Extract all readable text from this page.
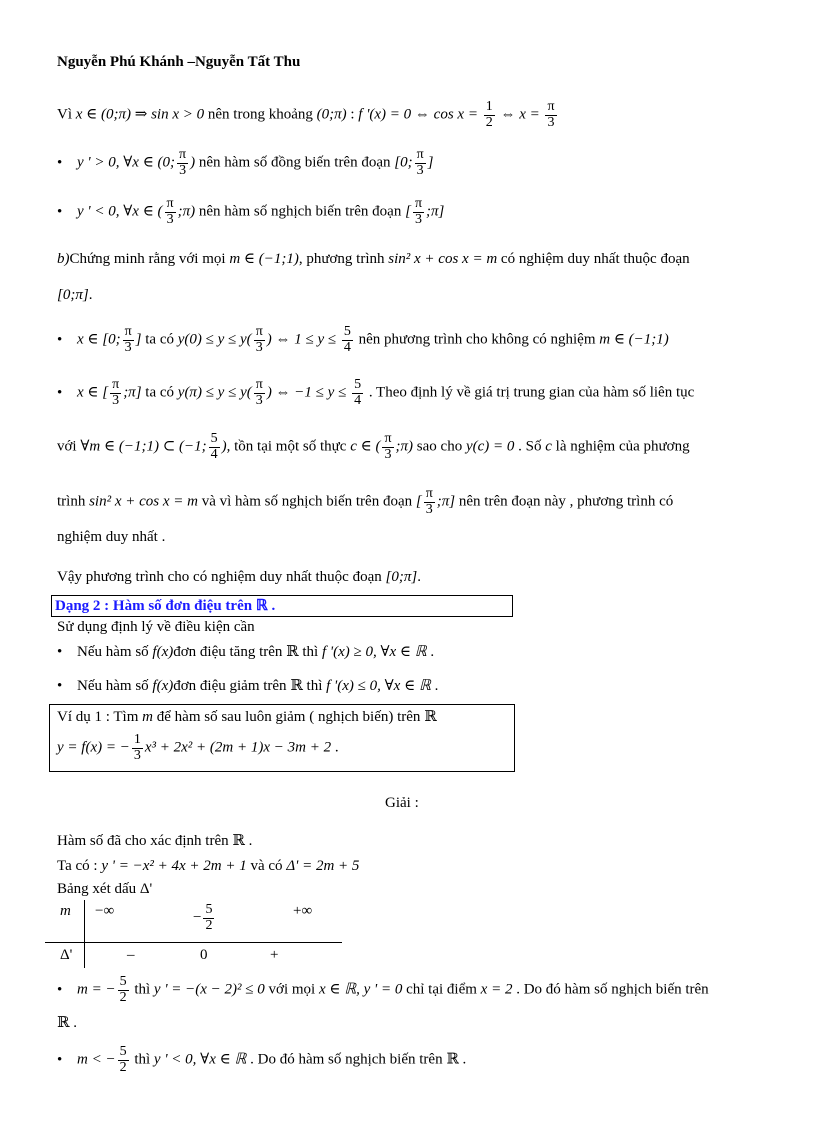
Nguyễn Phú Khánh –Nguyễn Tất Thu
Vì x ∈ (0;π) ⇒ sin x > 0 nên trong khoảng (0;π) : f '(x) = 0 ⇔ $\cos x = \frac{1}{2}$ ⇔ $x = \frac{\pi}{3}$
• y ' > 0, ∀x ∈ (0; $\frac{\pi}{3}$ ) nên hàm số đồng biến trên đoạn [0; $\frac{\pi}{3}$ ]
• y ' < 0, ∀x ∈ ( $\frac{\pi}{3}$ ;π) nên hàm số nghịch biến trên đoạn [ $\frac{\pi}{3}$ ;π]
b)Chứng minh rằng với mọi m ∈ (−1;1), phương trình sin² x + cos x = m có nghiệm duy nhất thuộc đoạn
[0;π].
• x ∈ [0; $\frac{\pi}{3}$ ] ta có $y(0) \le y \le y( \frac{\pi}{3}$ ) ⇔ $1 \le y \le \frac{5}{4}$ nên phương trình cho không có nghiệm m ∈ (−1;1)
• x ∈ [ $\frac{\pi}{3}$ ;π] ta có $y(\pi) \le y \le y( \frac{\pi}{3}$ ) ⇔ $-1 \le y \le \frac{5}{4}$ . Theo định lý về giá trị trung gian của hàm số liên tục
với ∀m ∈ (−1;1) ⊂ (−1; $\frac{5}{4}$ ), tồn tại một số thực c ∈ ( $\frac{\pi}{3}$ ;π) sao cho y(c) = 0 . Số c là nghiệm của phương
trình sin² x + cos x = m và vì hàm số nghịch biến trên đoạn [ $\frac{\pi}{3}$ ;π] nên trên đoạn này , phương trình có
nghiệm duy nhất .
Vậy phương trình cho có nghiệm duy nhất thuộc đoạn [0;π].
Dạng 2 : Hàm số đơn điệu trên ℝ .
Sử dụng định lý về điều kiện cần
• Nếu hàm số f(x)đơn điệu tăng trên ℝ thì f '(x) ≥ 0, ∀x ∈ ℝ .
• Nếu hàm số f(x)đơn điệu giảm trên ℝ thì f '(x) ≤ 0, ∀x ∈ ℝ .
Ví dụ 1 : Tìm m để hàm số sau luôn giảm ( nghịch biến) trên ℝ
y = f(x) = − $\frac{1}{3} x^3 + 2x^2 + (2m + 1)x - 3m + 2$ .
Giải :
Hàm số đã cho xác định trên ℝ .
Ta có : y ' = −x² + 4x + 2m + 1 và có Δ' = 2m + 5
Bảng xét dấu Δ'
m −∞	− $\frac{5}{2}$	+∞
Δ'	–	0	+
• m = − $\frac{5}{2}$ thì y ' = −(x − 2)² ≤ 0 với mọi x ∈ ℝ, y ' = 0 chỉ tại điểm x = 2 . Do đó hàm số nghịch biến trên
ℝ .
• m < − $\frac{5}{2}$ thì y ' < 0, ∀x ∈ ℝ . Do đó hàm số nghịch biến trên ℝ .
